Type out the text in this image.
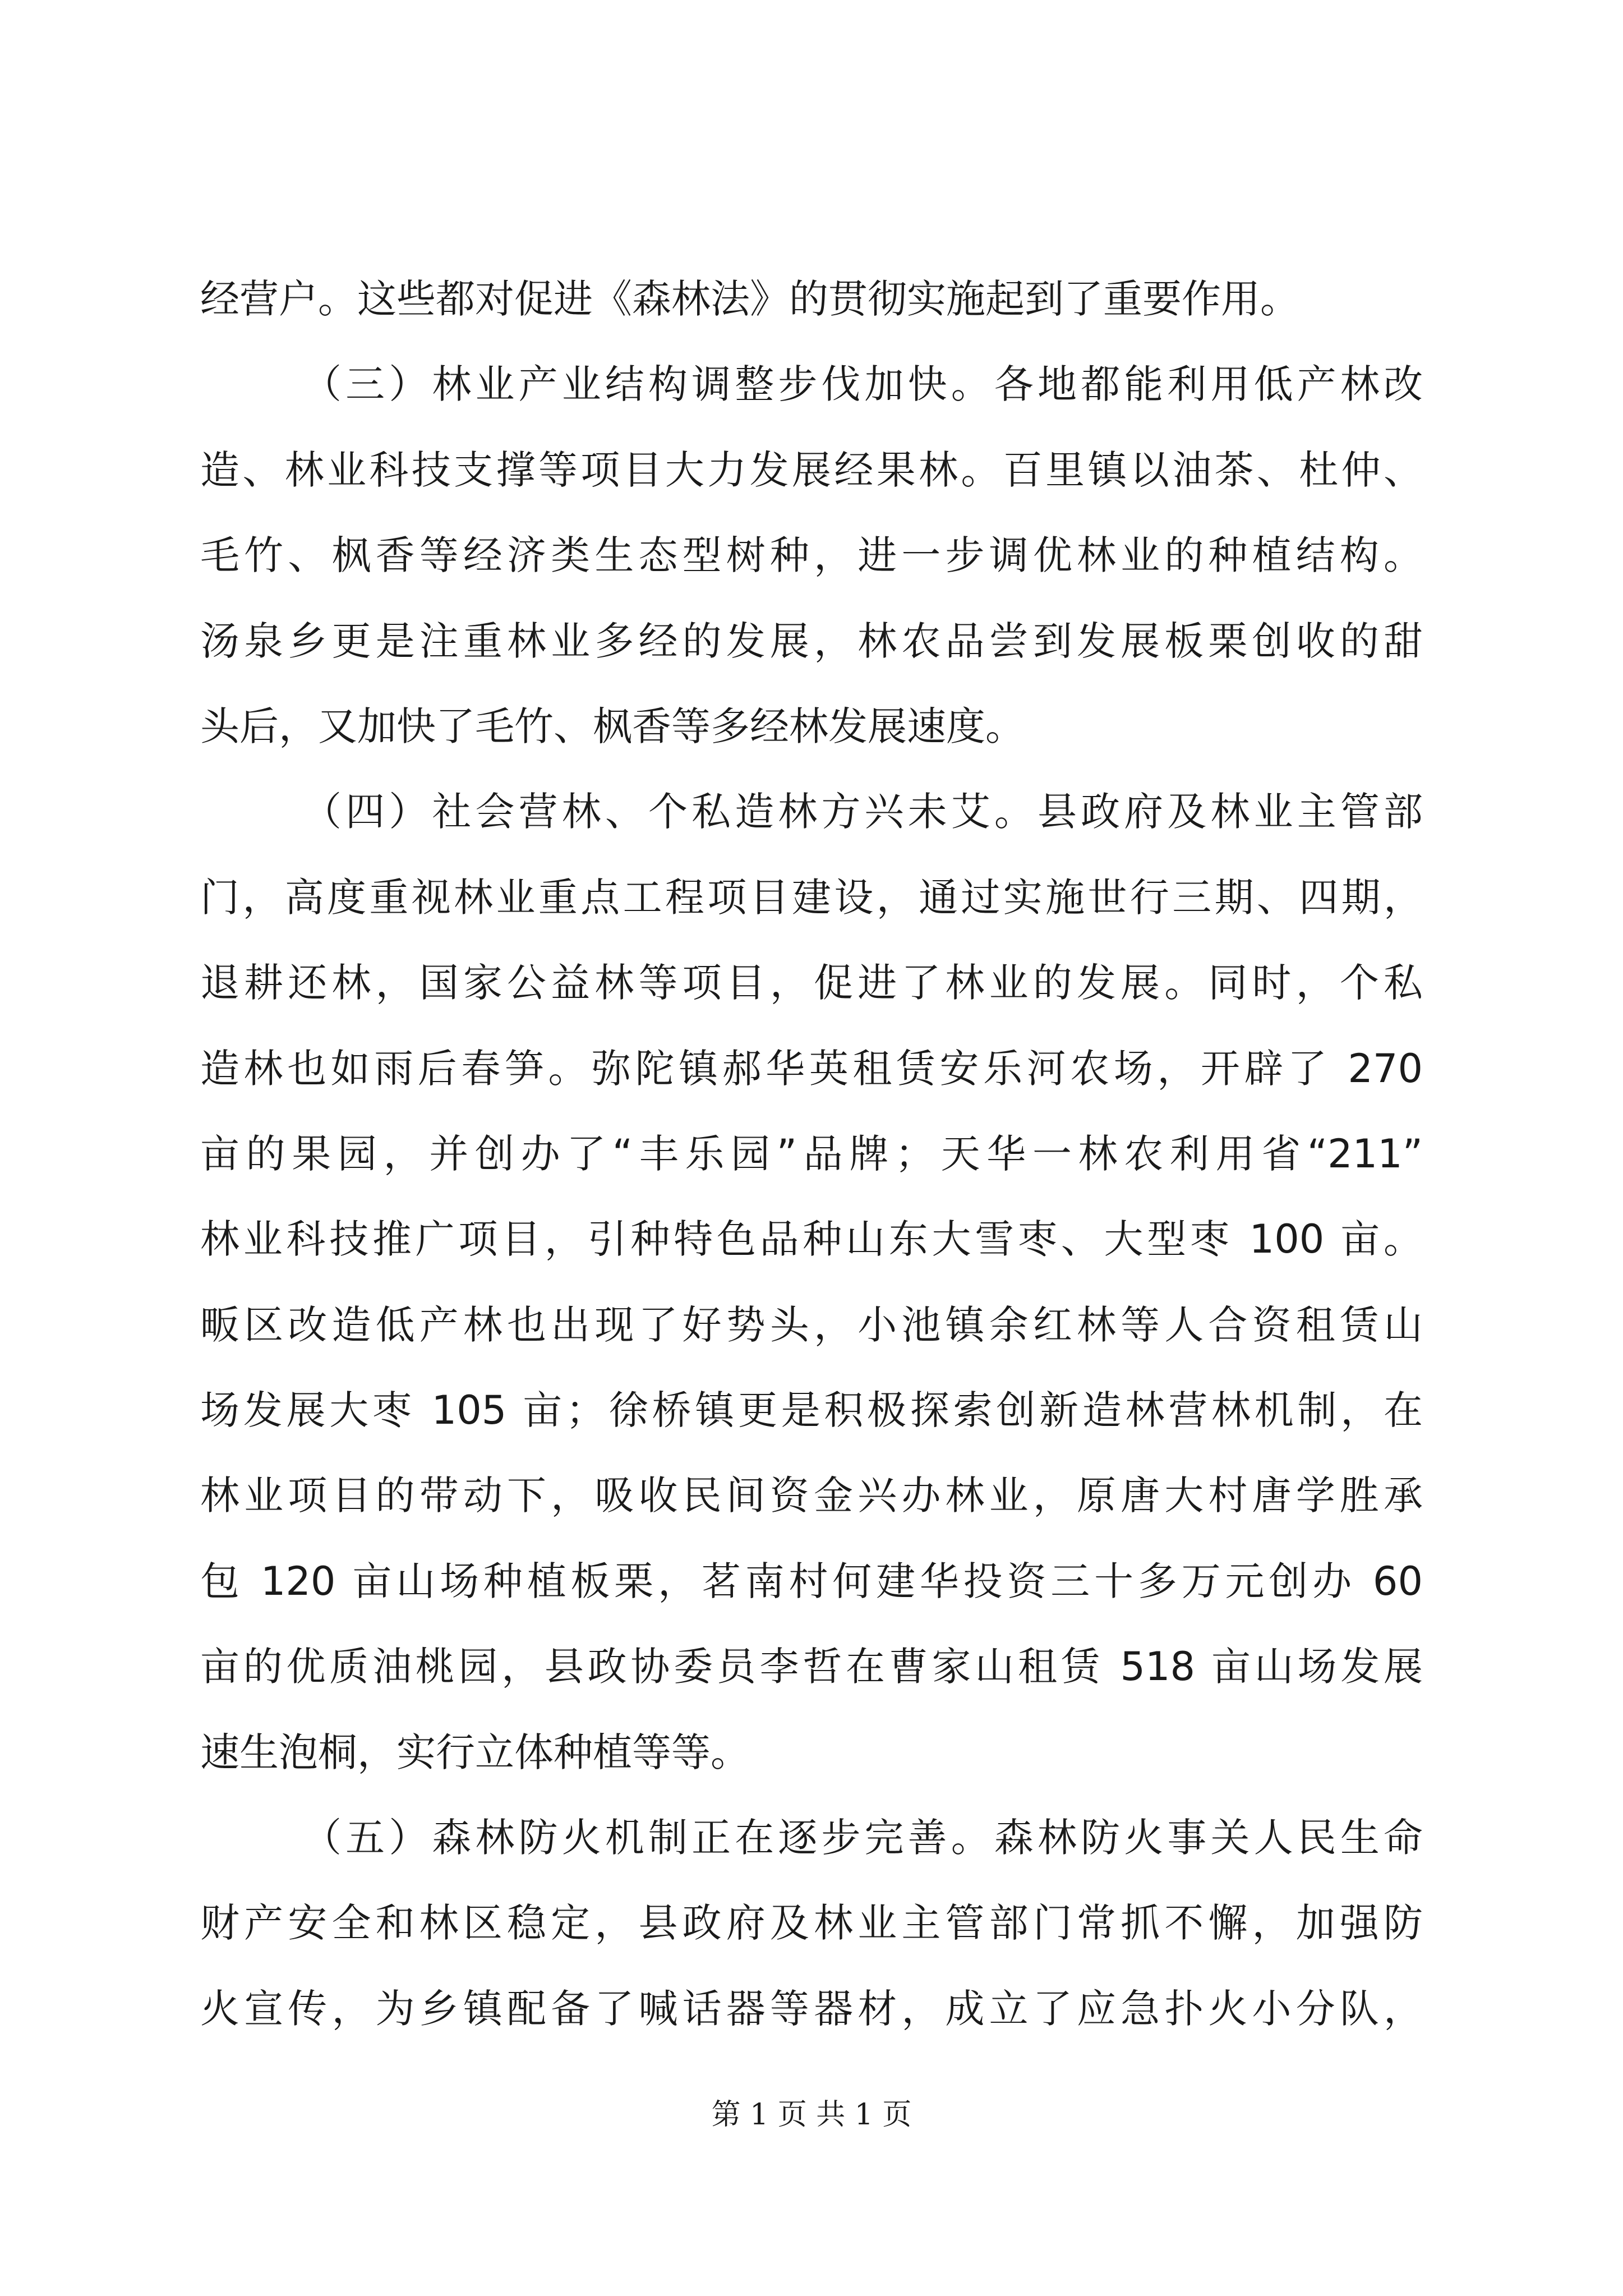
经营户。这些都对促进《森林法》的贯彻实施起到了重要作用。
（三）林业产业结构调整步伐加快。各地都能利用低产林改
造、林业科技支撑等项目大力发展经果林。百里镇以油茶、杜仲、
毛竹、枫香等经济类生态型树种，进一步调优林业的种植结构。
汤泉乡更是注重林业多经的发展，林农品尝到发展板栗创收的甜
头后，又加快了毛竹、枫香等多经林发展速度。
（四）社会营林、个私造林方兴未艾。县政府及林业主管部
门，高度重视林业重点工程项目建设，通过实施世行三期、四期，
退耕还林，国家公益林等项目，促进了林业的发展。同时，个私
造林也如雨后春笋。弥陀镇郝华英租赁安乐河农场，开辟了 270
亩的果园，并创办了“丰乐园”品牌；天华一林农利用省“211”
林业科技推广项目，引种特色品种山东大雪枣、大型枣 100 亩。
畈区改造低产林也出现了好势头，小池镇余红林等人合资租赁山
场发展大枣 105 亩；徐桥镇更是积极探索创新造林营林机制，在
林业项目的带动下，吸收民间资金兴办林业，原唐大村唐学胜承
包 120 亩山场种植板栗，茗南村何建华投资三十多万元创办 60
亩的优质油桃园，县政协委员李哲在曹家山租赁 518 亩山场发展
速生泡桐，实行立体种植等等。
（五）森林防火机制正在逐步完善。森林防火事关人民生命
财产安全和林区稳定，县政府及林业主管部门常抓不懈，加强防
火宣传，为乡镇配备了喊话器等器材，成立了应急扑火小分队，
第 1 页 共 1 页
